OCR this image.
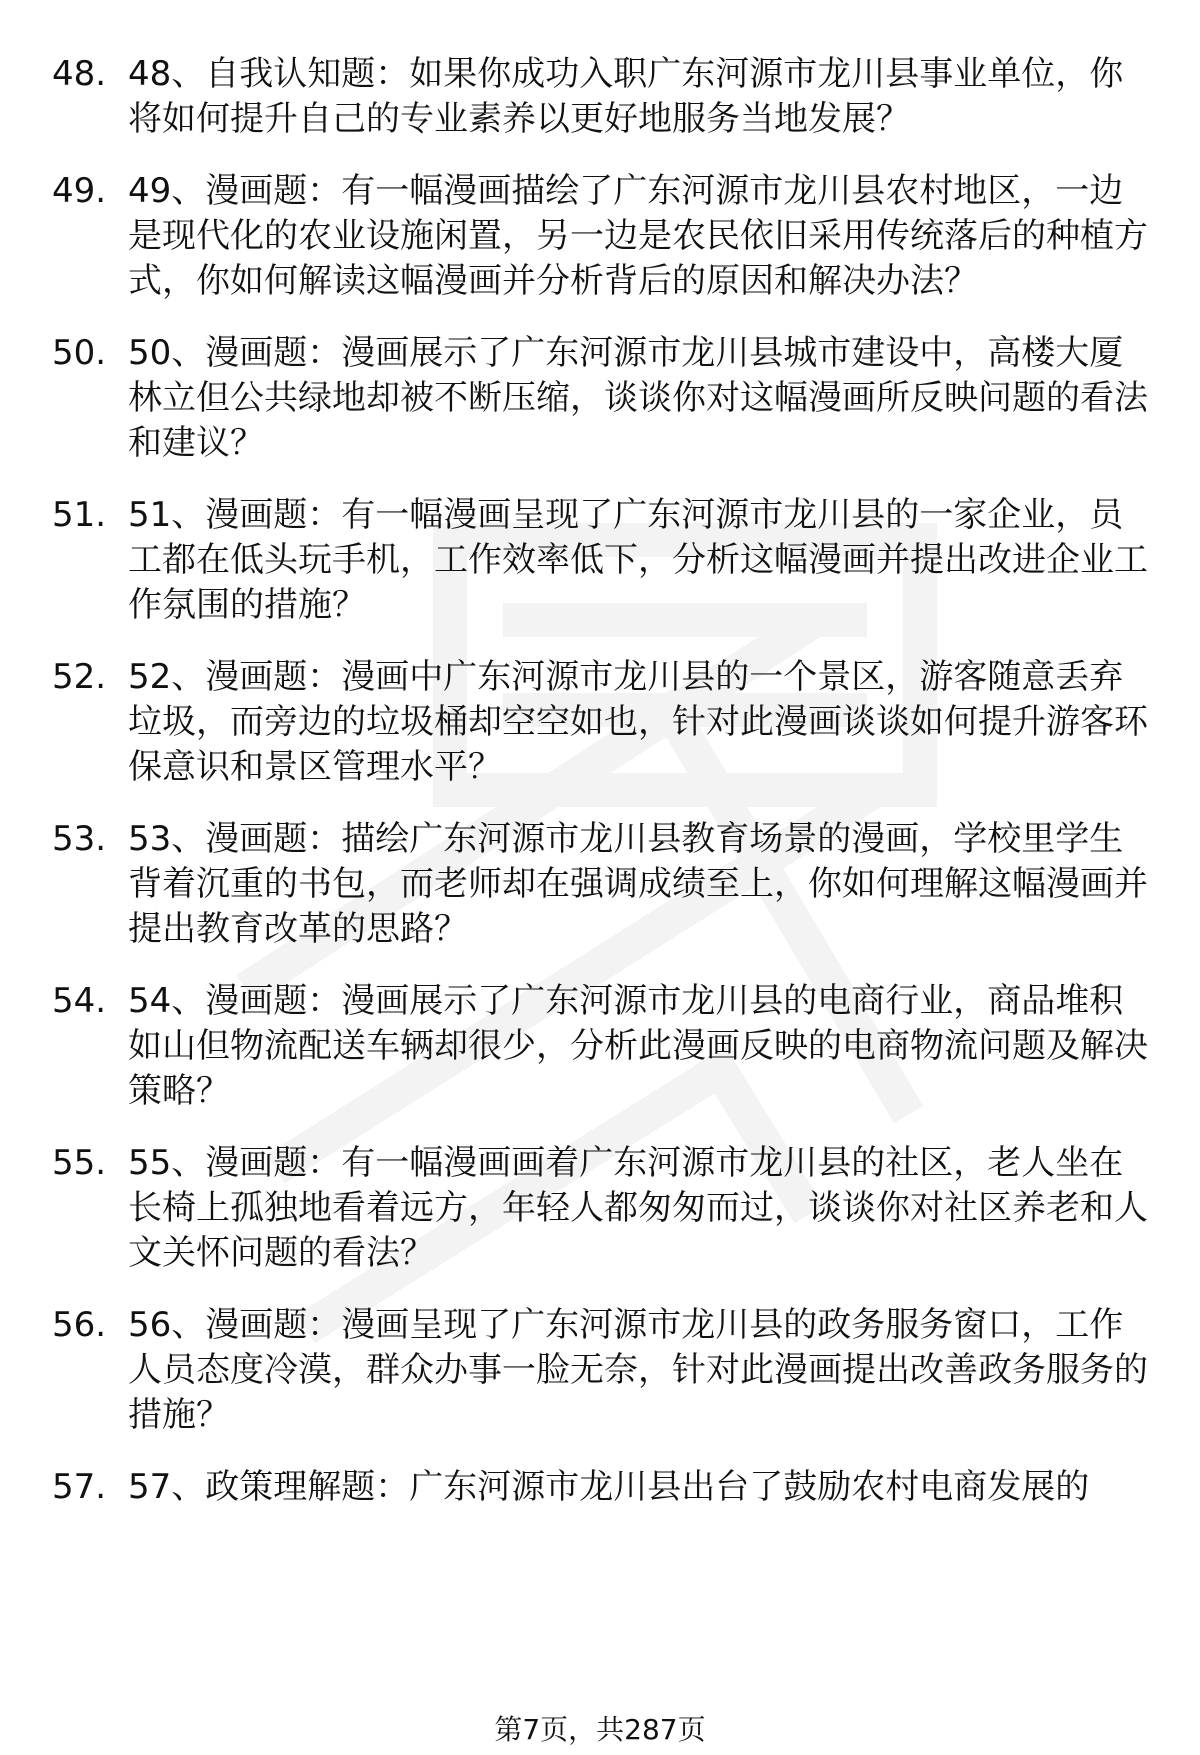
48. 48、自我认知题：如果你成功入职广东河源市龙川县事业单位，你将如何提升自己的专业素养以更好地服务当地发展？
49. 49、漫画题：有一幅漫画描绘了广东河源市龙川县农村地区，一边是现代化的农业设施闲置，另一边是农民依旧采用传统落后的种植方式，你如何解读这幅漫画并分析背后的原因和解决办法？
50. 50、漫画题：漫画展示了广东河源市龙川县城市建设中，高楼大厦林立但公共绿地却被不断压缩，谈谈你对这幅漫画所反映问题的看法和建议？
51. 51、漫画题：有一幅漫画呈现了广东河源市龙川县的一家企业，员工都在低头玩手机，工作效率低下，分析这幅漫画并提出改进企业工作氛围的措施？
52. 52、漫画题：漫画中广东河源市龙川县的一个景区，游客随意丢弃垃圾，而旁边的垃圾桶却空空如也，针对此漫画谈谈如何提升游客环保意识和景区管理水平？
53. 53、漫画题：描绘广东河源市龙川县教育场景的漫画，学校里学生背着沉重的书包，而老师却在强调成绩至上，你如何理解这幅漫画并提出教育改革的思路？
54. 54、漫画题：漫画展示了广东河源市龙川县的电商行业，商品堆积如山但物流配送车辆却很少，分析此漫画反映的电商物流问题及解决策略？
55. 55、漫画题：有一幅漫画画着广东河源市龙川县的社区，老人坐在长椅上孤独地看着远方，年轻人都匆匆而过，谈谈你对社区养老和人文关怀问题的看法？
56. 56、漫画题：漫画呈现了广东河源市龙川县的政务服务窗口，工作人员态度冷漠，群众办事一脸无奈，针对此漫画提出改善政务服务的措施？
57. 57、政策理解题：广东河源市龙川县出台了鼓励农村电商发展的
第7页，共287页
